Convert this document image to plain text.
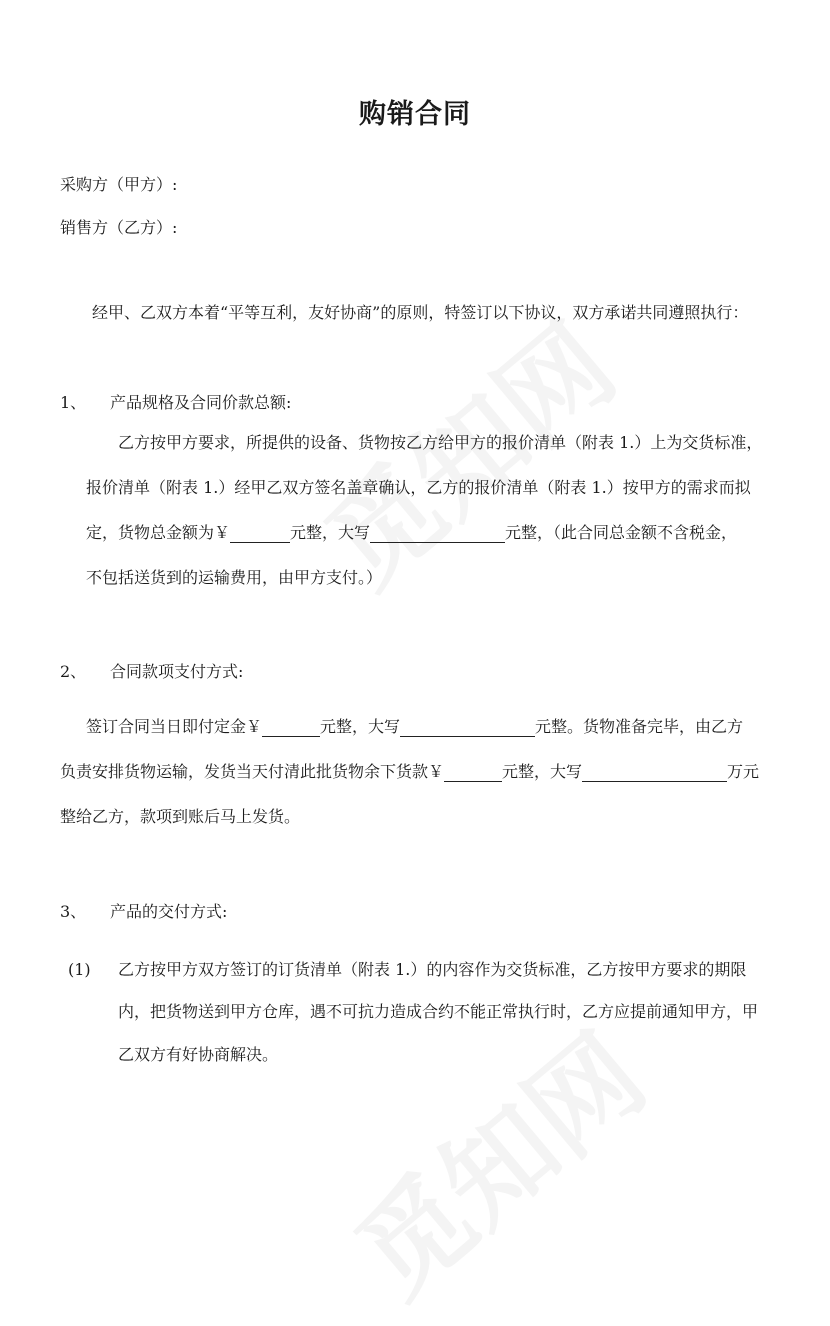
购销合同
采购方（甲方）:
销售方（乙方）:
经甲、乙双方本着“平等互利，友好协商”的原则，特签订以下协议，双方承诺共同遵照执行：
1、 产品规格及合同价款总额:
乙方按甲方要求，所提供的设备、货物按乙方给甲方的报价清单（附表 1.）上为交货标准，
报价清单（附表 1.）经甲乙双方签名盖章确认，乙方的报价清单（附表 1.）按甲方的需求而拟
定，货物总金额为￥	元整，大写	元整，（此合同总金额不含税金，
不包括送货到的运输费用，由甲方支付。）
2、 合同款项支付方式:
签订合同当日即付定金￥	元整，大写	元整。货物准备完毕，由乙方
负责安排货物运输，发货当天付清此批货物余下货款￥	元整，大写	万元
整给乙方，款项到账后马上发货。
3、 产品的交付方式:
(1) 乙方按甲方双方签订的订货清单（附表 1.）的内容作为交货标准，乙方按甲方要求的期限
内，把货物送到甲方仓库，遇不可抗力造成合约不能正常执行时，乙方应提前通知甲方，甲
乙双方有好协商解决。
